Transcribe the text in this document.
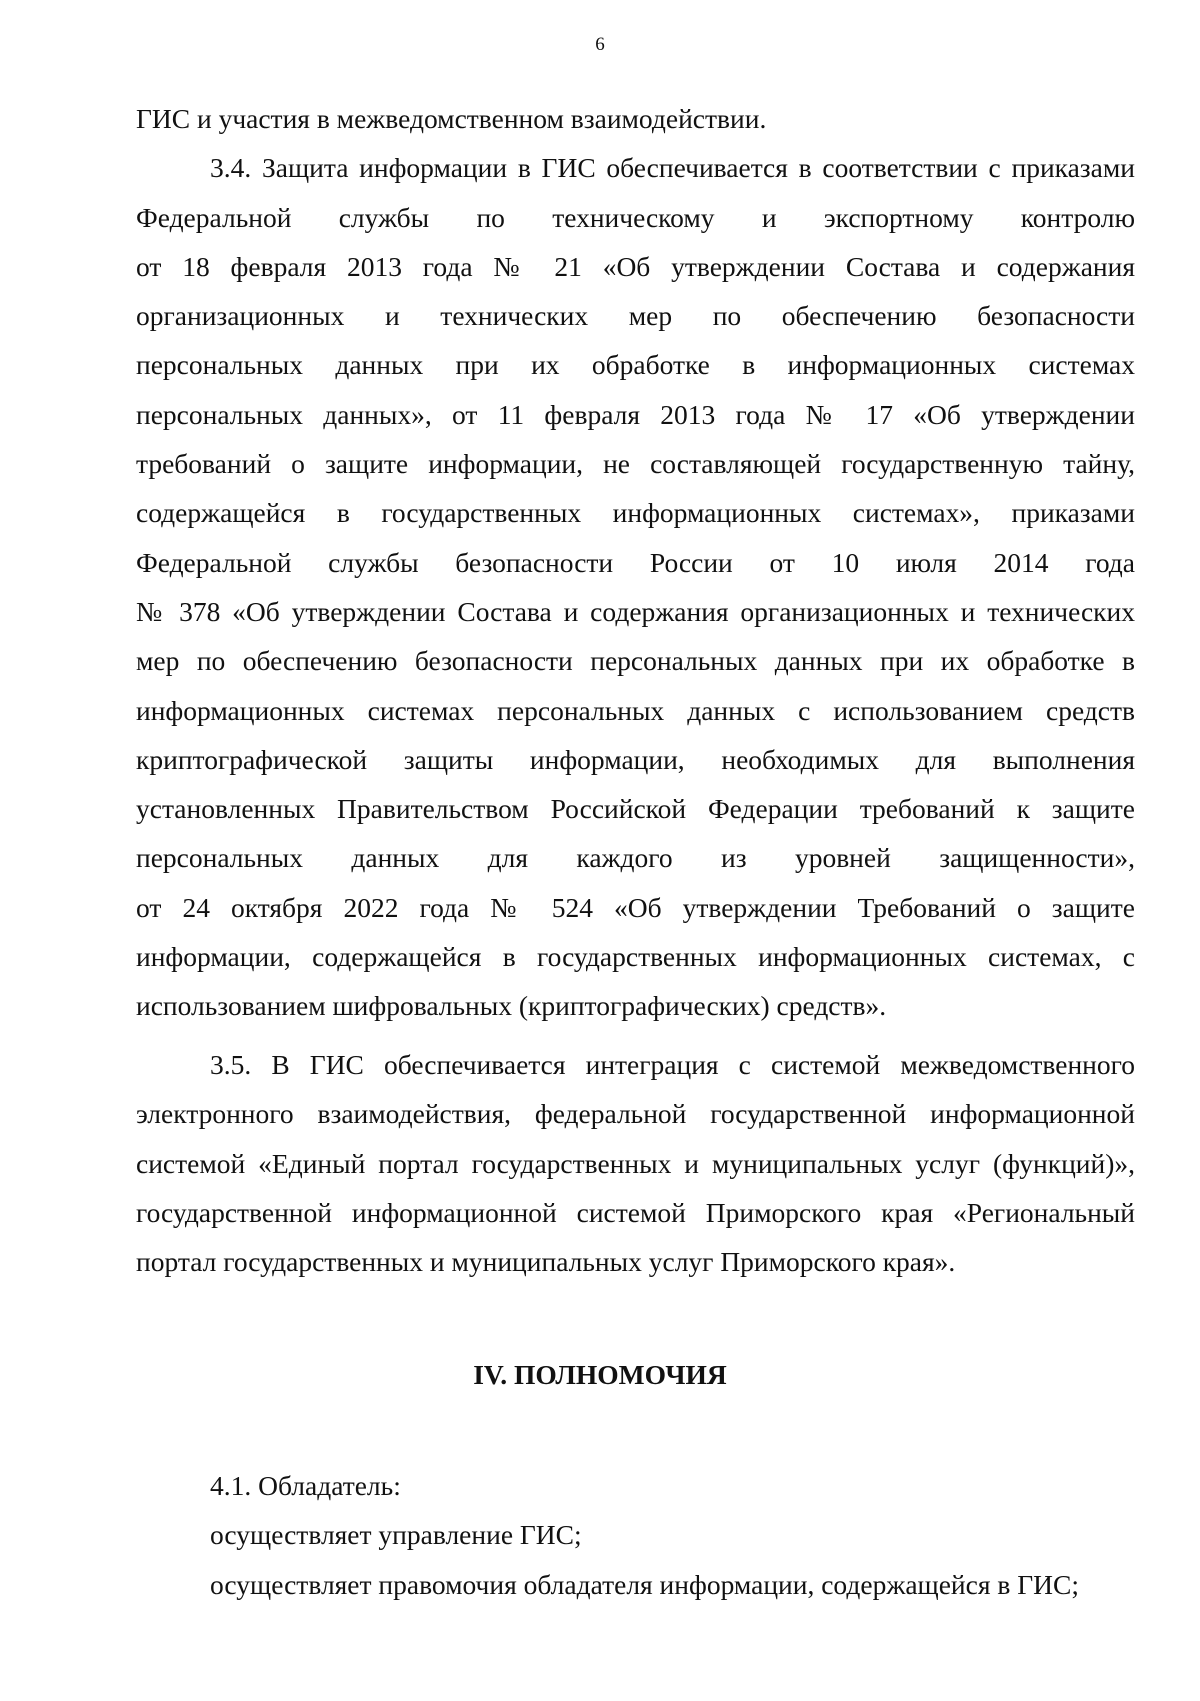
6
ГИС и участия в межведомственном взаимодействии.
3.4. Защита информации в ГИС обеспечивается в соответствии с приказами
Федеральной службы по техническому и экспортному контролю
от 18 февраля 2013 года № 21 «Об утверждении Состава и содержания
организационных и технических мер по обеспечению безопасности
персональных данных при их обработке в информационных системах
персональных данных», от 11 февраля 2013 года № 17 «Об утверждении
требований о защите информации, не составляющей государственную тайну,
содержащейся в государственных информационных системах», приказами
Федеральной службы безопасности России от 10 июля 2014 года
№ 378 «Об утверждении Состава и содержания организационных и технических
мер по обеспечению безопасности персональных данных при их обработке в
информационных системах персональных данных с использованием средств
криптографической защиты информации, необходимых для выполнения
установленных Правительством Российской Федерации требований к защите
персональных данных для каждого из уровней защищенности»,
от 24 октября 2022 года № 524 «Об утверждении Требований о защите
информации, содержащейся в государственных информационных системах, с
использованием шифровальных (криптографических) средств».
3.5. В ГИС обеспечивается интеграция с системой межведомственного
электронного взаимодействия, федеральной государственной информационной
системой «Единый портал государственных и муниципальных услуг (функций)»,
государственной информационной системой Приморского края «Региональный
портал государственных и муниципальных услуг Приморского края».
IV. ПОЛНОМОЧИЯ
4.1. Обладатель:
осуществляет управление ГИС;
осуществляет правомочия обладателя информации, содержащейся в ГИС;
